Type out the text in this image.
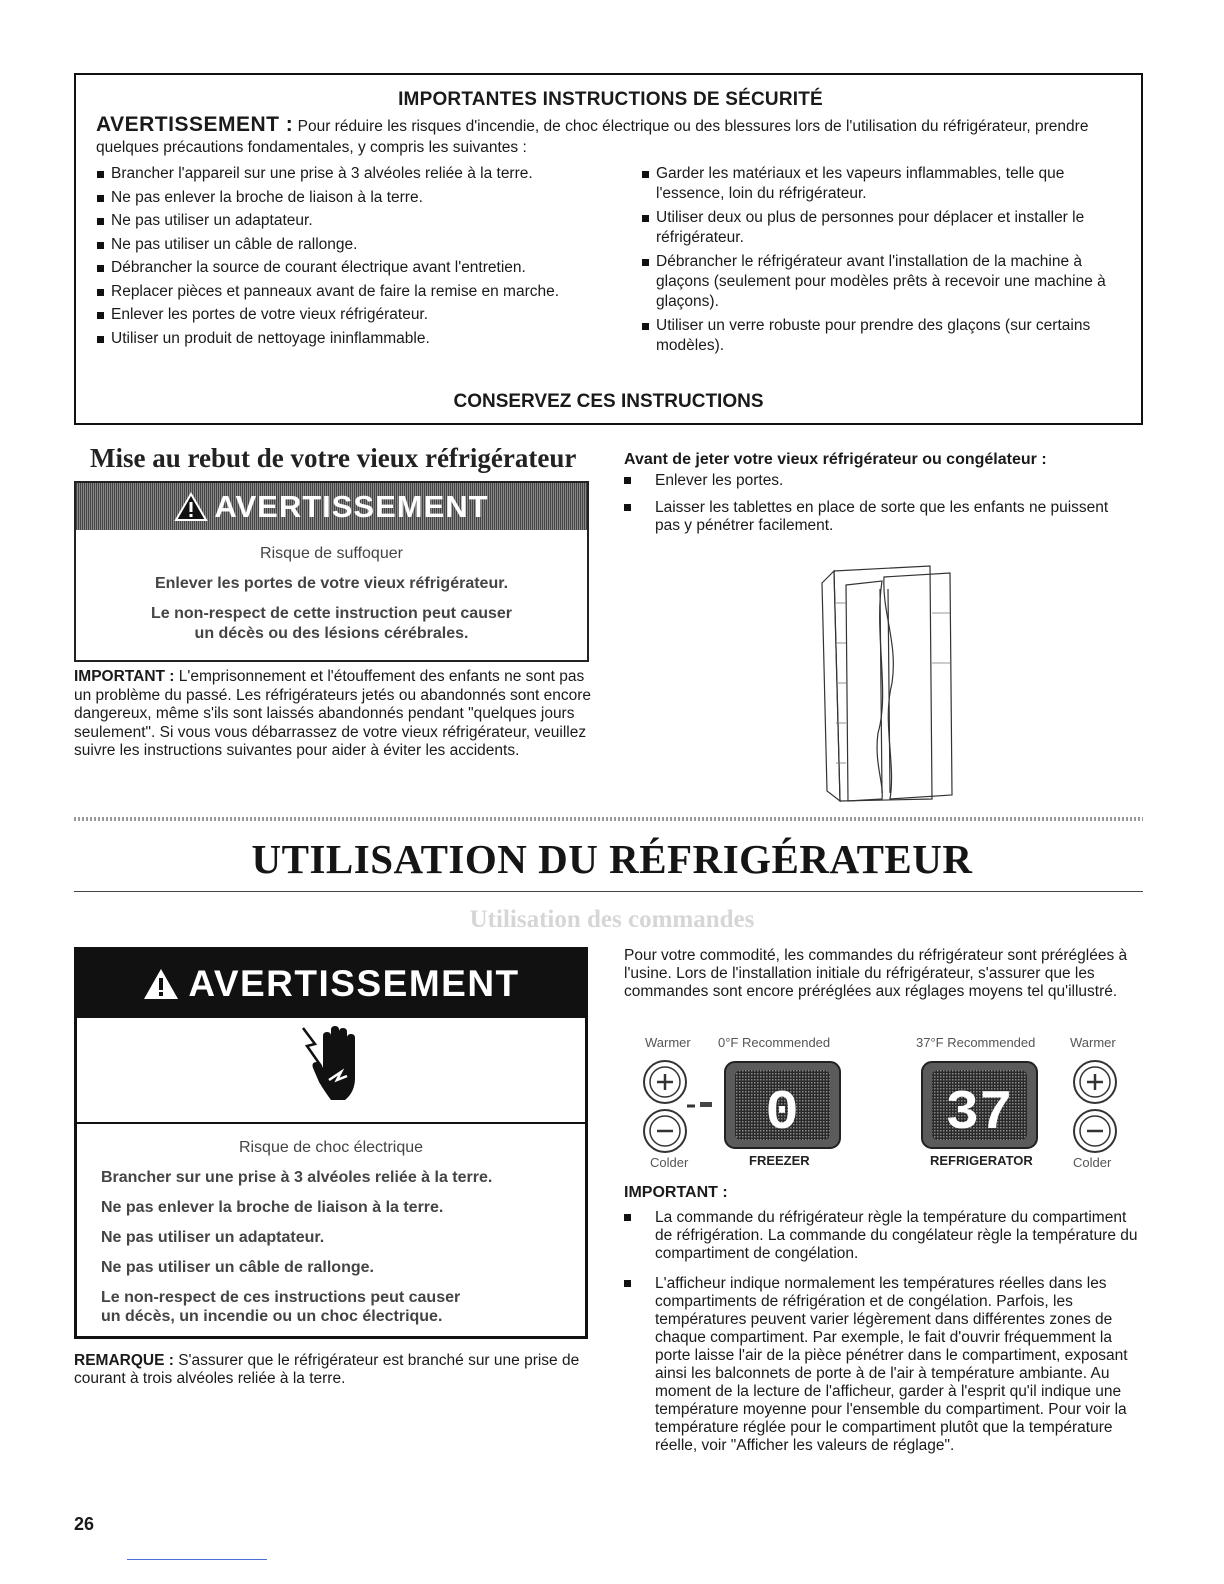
IMPORTANTES INSTRUCTIONS DE SÉCURITÉ

AVERTISSEMENT : Pour réduire les risques d'incendie, de choc électrique ou des blessures lors de l'utilisation du réfrigérateur, prendre quelques précautions fondamentales, y compris les suivantes :

Brancher l'appareil sur une prise à 3 alvéoles reliée à la terre.
Ne pas enlever la broche de liaison à la terre.
Ne pas utiliser un adaptateur.
Ne pas utiliser un câble de rallonge.
Débrancher la source de courant électrique avant l'entretien.
Replacer pièces et panneaux avant de faire la remise en marche.
Enlever les portes de votre vieux réfrigérateur.
Utiliser un produit de nettoyage ininflammable.
Garder les matériaux et les vapeurs inflammables, telle que l'essence, loin du réfrigérateur.
Utiliser deux ou plus de personnes pour déplacer et installer le réfrigérateur.
Débrancher le réfrigérateur avant l'installation de la machine à glaçons (seulement pour modèles prêts à recevoir une machine à glaçons).
Utiliser un verre robuste pour prendre des glaçons (sur certains modèles).
CONSERVEZ CES INSTRUCTIONS
Mise au rebut de votre vieux réfrigérateur
AVERTISSEMENT

Risque de suffoquer

Enlever les portes de votre vieux réfrigérateur.

Le non-respect de cette instruction peut causer

un décès ou des lésions cérébrales.

IMPORTANT : L'emprisonnement et l'étouffement des enfants ne sont pas un problème du passé. Les réfrigérateurs jetés ou abandonnés sont encore dangereux, même s'ils sont laissés abandonnés pendant "quelques jours seulement". Si vous vous débarrassez de votre vieux réfrigérateur, veuillez suivre les instructions suivantes pour aider à éviter les accidents.

Avant de jeter votre vieux réfrigérateur ou congélateur :
Enlever les portes.
Laisser les tablettes en place de sorte que les enfants ne puissent pas y pénétrer facilement.
UTILISATION DU RÉFRIGÉRATEUR
Utilisation des commandes
AVERTISSEMENT

Risque de choc électrique

Brancher sur une prise à 3 alvéoles reliée à la terre.

Ne pas enlever la broche de liaison à la terre.

Ne pas utiliser un adaptateur.

Ne pas utiliser un câble de rallonge.

Le non-respect de ces instructions peut causer

un décès, un incendie ou un choc électrique.

REMARQUE : S'assurer que le réfrigérateur est branché sur une prise de courant à trois alvéoles reliée à la terre.

Pour votre commodité, les commandes du réfrigérateur sont préréglées à l'usine. Lors de l'installation initiale du réfrigérateur, s'assurer que les commandes sont encore préréglées aux réglages moyens tel qu'illustré.

Warmer 0°F Recommended	37°F Recommended	Warmer
0	37
Colder	FREEZER	REFRIGERATOR	Colder
IMPORTANT :
La commande du réfrigérateur règle la température du compartiment de réfrigération. La commande du congélateur règle la température du compartiment de congélation.
L'afficheur indique normalement les températures réelles dans les compartiments de réfrigération et de congélation. Parfois, les températures peuvent varier légèrement dans différentes zones de chaque compartiment. Par exemple, le fait d'ouvrir fréquemment la porte laisse l'air de la pièce pénétrer dans le compartiment, exposant ainsi les balconnets de porte à de l'air à température ambiante. Au moment de la lecture de l'afficheur, garder à l'esprit qu'il indique une température moyenne pour l'ensemble du compartiment. Pour voir la température réglée pour le compartiment plutôt que la température réelle, voir "Afficher les valeurs de réglage".
26
